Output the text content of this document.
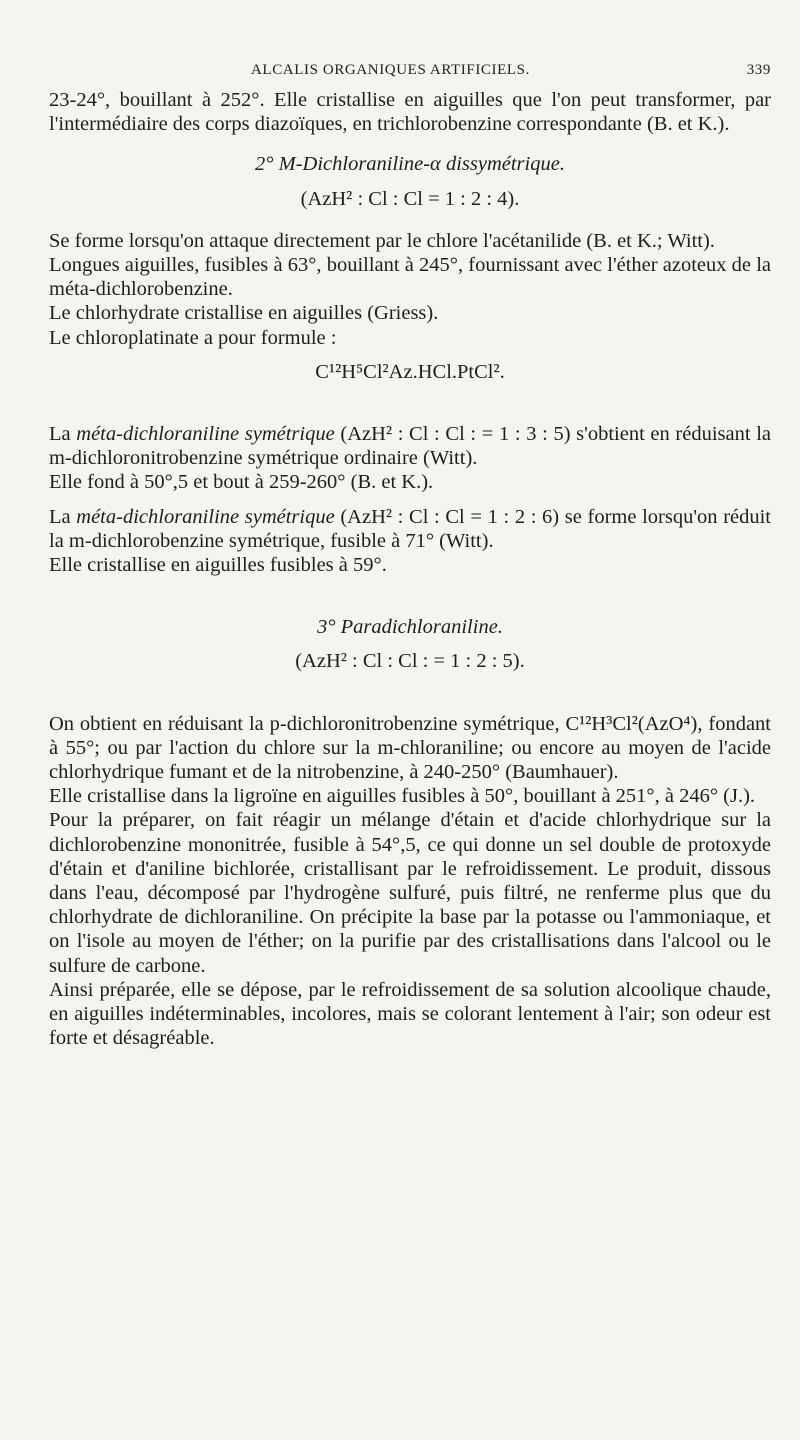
ALCALIS ORGANIQUES ARTIFICIELS.	339

23-24°, bouillant à 252°. Elle cristallise en aiguilles que l'on peut transformer, par l'intermédiaire des corps diazoïques, en trichlorobenzine correspondante (B. et K.).

2° M-Dichloraniline-α dissymétrique.

(AzH² : Cl : Cl = 1 : 2 : 4).

Se forme lorsqu'on attaque directement par le chlore l'acétanilide (B. et K.; Witt).

Longues aiguilles, fusibles à 63°, bouillant à 245°, fournissant avec l'éther azoteux de la méta-dichlorobenzine.

Le chlorhydrate cristallise en aiguilles (Griess).

Le chloroplatinate a pour formule :

C¹²H⁵Cl²Az.HCl.PtCl².

La méta-dichloraniline symétrique (AzH² : Cl : Cl : = 1 : 3 : 5) s'obtient en réduisant la m-dichloronitrobenzine symétrique ordinaire (Witt).

Elle fond à 50°,5 et bout à 259-260° (B. et K.).

La méta-dichloraniline symétrique (AzH² : Cl : Cl = 1 : 2 : 6) se forme lorsqu'on réduit la m-dichlorobenzine symétrique, fusible à 71° (Witt).

Elle cristallise en aiguilles fusibles à 59°.

3° Paradichloraniline.

(AzH² : Cl : Cl : = 1 : 2 : 5).

On obtient en réduisant la p-dichloronitrobenzine symétrique, C¹²H³Cl²(AzO⁴), fondant à 55°; ou par l'action du chlore sur la m-chloraniline; ou encore au moyen de l'acide chlorhydrique fumant et de la nitrobenzine, à 240-250° (Baumhauer).

Elle cristallise dans la ligroïne en aiguilles fusibles à 50°, bouillant à 251°, à 246° (J.).

Pour la préparer, on fait réagir un mélange d'étain et d'acide chlorhydrique sur la dichlorobenzine mononitrée, fusible à 54°,5, ce qui donne un sel double de protoxyde d'étain et d'aniline bichlorée, cristallisant par le refroidissement. Le produit, dissous dans l'eau, décomposé par l'hydrogène sulfuré, puis filtré, ne renferme plus que du chlorhydrate de dichloraniline. On précipite la base par la potasse ou l'ammoniaque, et on l'isole au moyen de l'éther; on la purifie par des cristallisations dans l'alcool ou le sulfure de carbone.

Ainsi préparée, elle se dépose, par le refroidissement de sa solution alcoolique chaude, en aiguilles indéterminables, incolores, mais se colorant lentement à l'air; son odeur est forte et désagréable.
